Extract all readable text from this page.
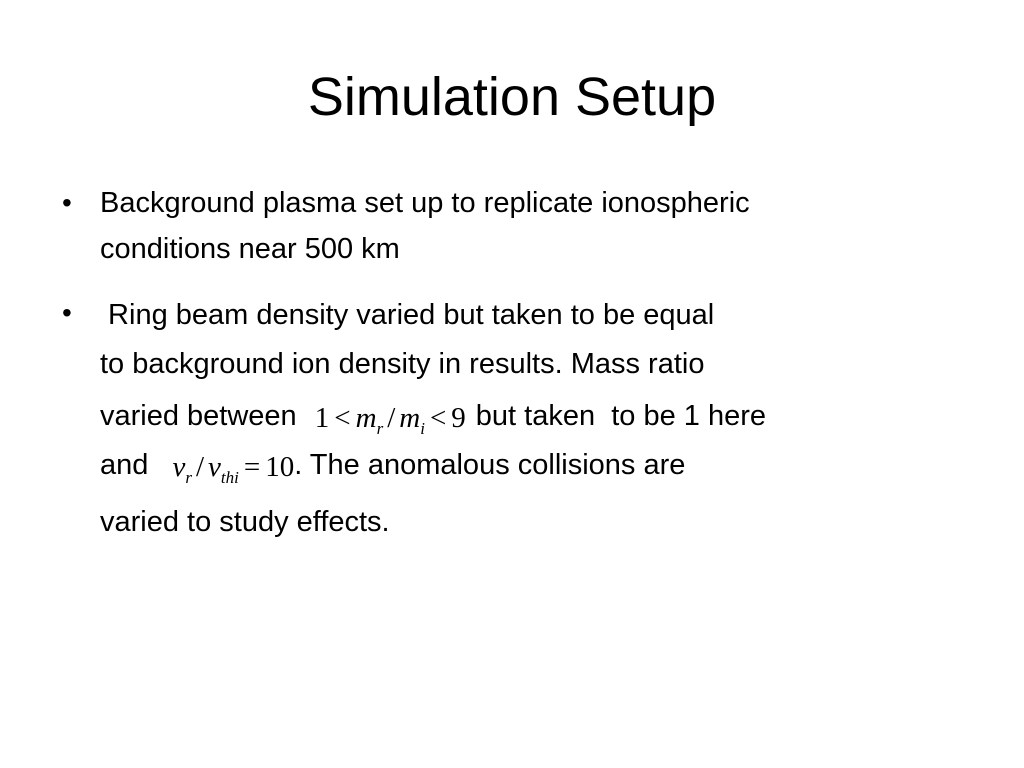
Simulation Setup
• Background plasma set up to replicate ionospheric
conditions near 500 km
• Ring beam density varied but taken to be equal
to background ion density in results. Mass ratio
varied between $1 < m_r / m_i < 9$ but taken  to be 1 here
and $v_r / v_{thi} = 10$. The anomalous collisions are
varied to study effects.
